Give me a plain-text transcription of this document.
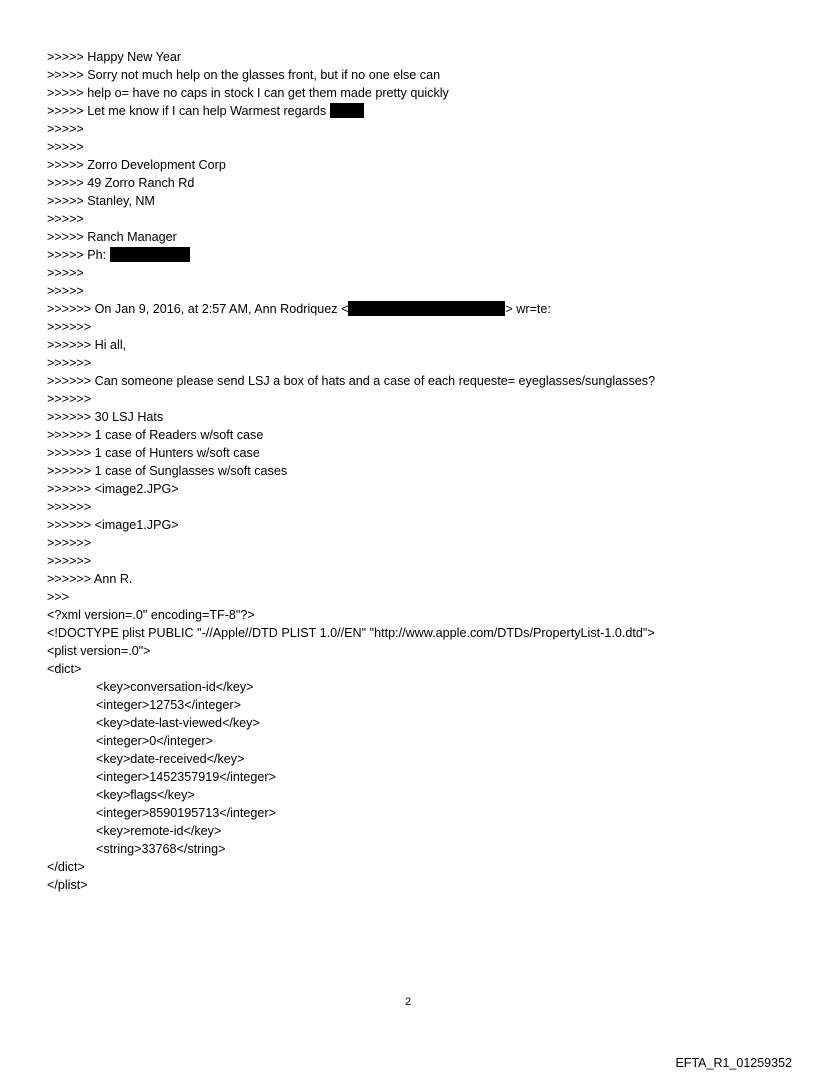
>>>>> Happy New Year
>>>>> Sorry not much help on the glasses front, but if no one else can
>>>>> help o= have no caps in stock I can get them made pretty quickly
>>>>> Let me know if I can help Warmest regards
>>>>>
>>>>>
>>>>> Zorro Development Corp
>>>>> 49 Zorro Ranch Rd
>>>>> Stanley, NM
>>>>>
>>>>> Ranch Manager
>>>>> Ph:
>>>>>
>>>>>
>>>>>> On Jan 9, 2016, at 2:57 AM, Ann Rodriquez <	> wr=te:
>>>>>>
>>>>>> Hi all,
>>>>>>
>>>>>> Can someone please send LSJ a box of hats and a case of each requeste= eyeglasses/sunglasses?
>>>>>>
>>>>>> 30 LSJ Hats
>>>>>> 1 case of Readers w/soft case
>>>>>> 1 case of Hunters w/soft case
>>>>>> 1 case of Sunglasses w/soft cases
>>>>>> <image2.JPG>
>>>>>>
>>>>>> <image1.JPG>
>>>>>>
>>>>>>
>>>>>> Ann R.
>>>
<?xml version=.0" encoding=TF-8"?>
<!DOCTYPE plist PUBLIC "-//Apple//DTD PLIST 1.0//EN" "http://www.apple.com/DTDs/PropertyList-1.0.dtd">
<plist version=.0">
<dict>
<key>conversation-id</key>
<integer>12753</integer>
<key>date-last-viewed</key>
<integer>0</integer>
<key>date-received</key>
<integer>1452357919</integer>
<key>flags</key>
<integer>8590195713</integer>
<key>remote-id</key>
<string>33768</string>
</dict>
</plist>
2
EFTA_R1_01259352
